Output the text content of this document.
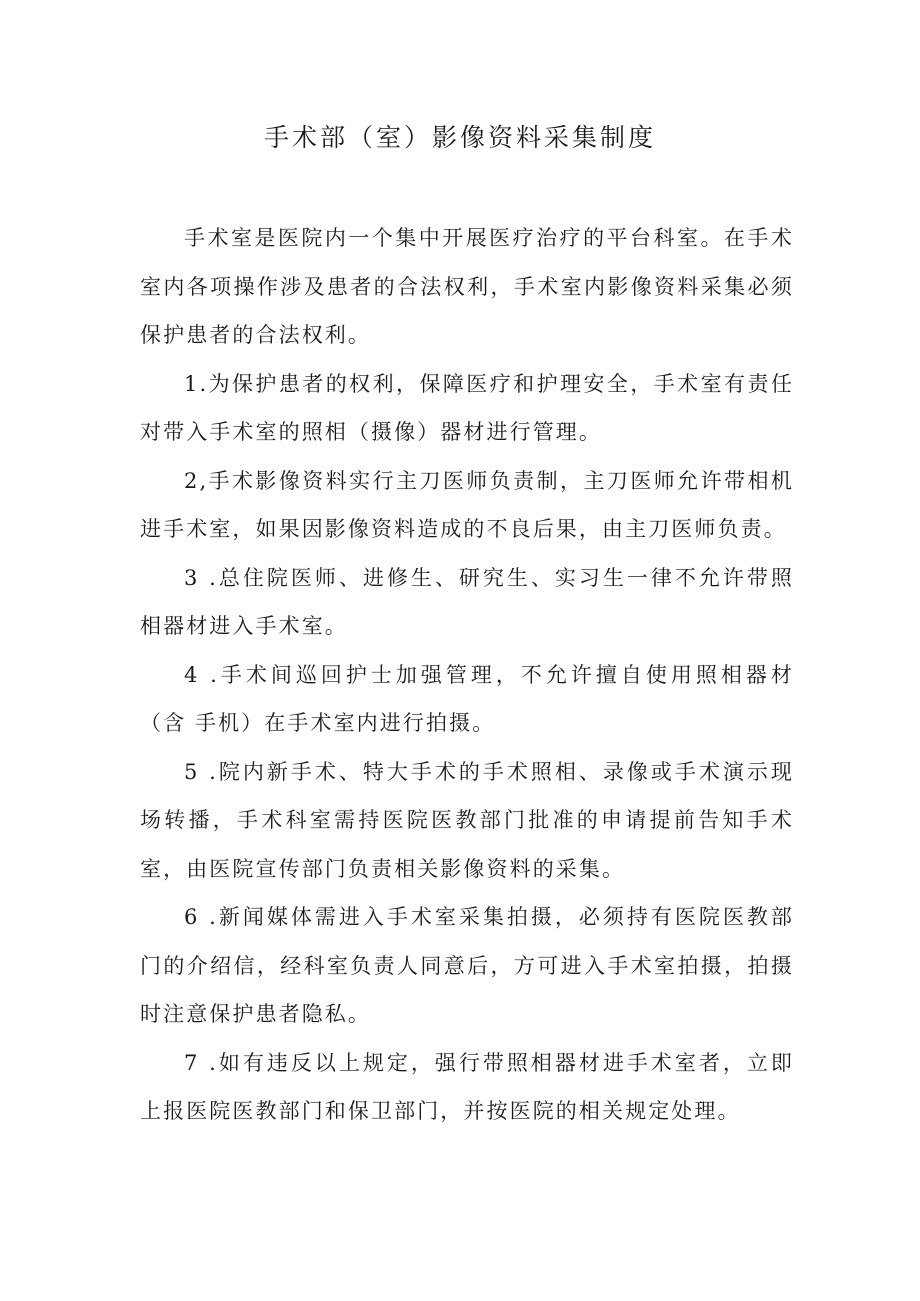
手术部（室）影像资料采集制度

手术室是医院内一个集中开展医疗治疗的平台科室。在手术室内各项操作涉及患者的合法权利，手术室内影像资料采集必须保护患者的合法权利。

1.为保护患者的权利，保障医疗和护理安全，手术室有责任对带入手术室的照相（摄像）器材进行管理。

2,手术影像资料实行主刀医师负责制，主刀医师允许带相机进手术室，如果因影像资料造成的不良后果，由主刀医师负责。

3 .总住院医师、进修生、研究生、实习生一律不允许带照相器材进入手术室。

4 .手术间巡回护士加强管理，不允许擅自使用照相器材（含 手机）在手术室内进行拍摄。

5 .院内新手术、特大手术的手术照相、录像或手术演示现场转播，手术科室需持医院医教部门批准的申请提前告知手术室，由医院宣传部门负责相关影像资料的采集。

6 .新闻媒体需进入手术室采集拍摄，必须持有医院医教部门的介绍信，经科室负责人同意后，方可进入手术室拍摄，拍摄时注意保护患者隐私。

7 .如有违反以上规定，强行带照相器材进手术室者，立即上报医院医教部门和保卫部门，并按医院的相关规定处理。
